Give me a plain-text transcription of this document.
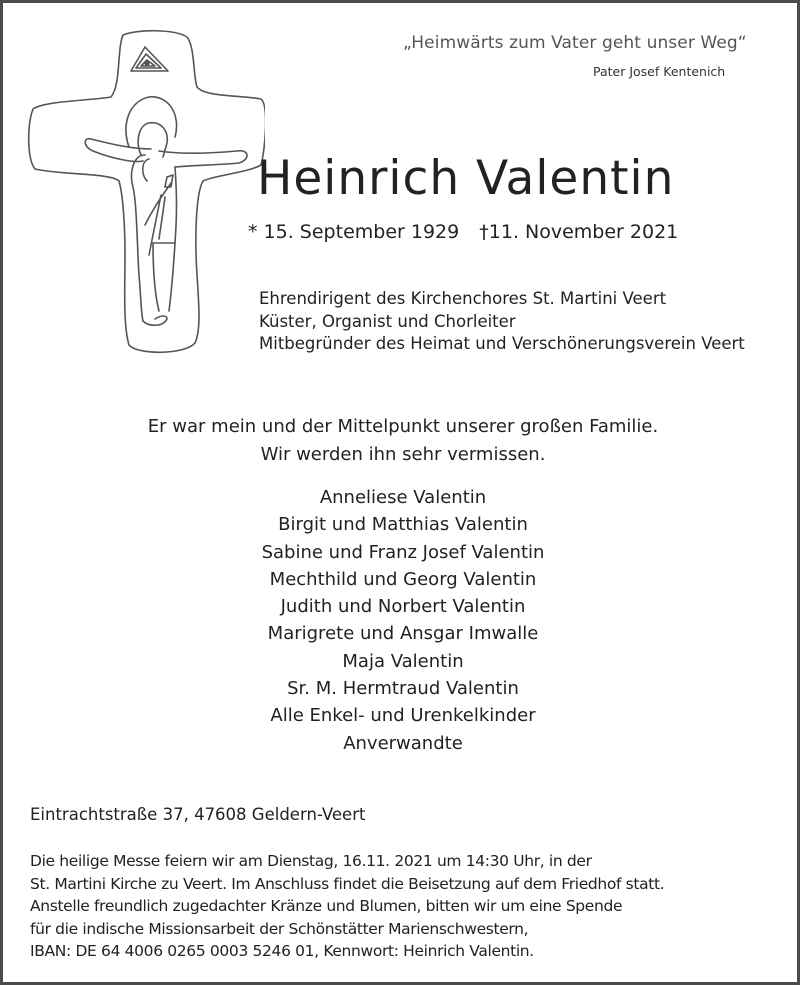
„Heimwärts zum Vater geht unser Weg“
Pater Josef Kentenich
Heinrich Valentin
* 15. September 1929 †11. November 2021
Ehrendirigent des Kirchenchores St. Martini Veert
Küster, Organist und Chorleiter
Mitbegründer des Heimat und Verschönerungsverein Veert
Er war mein und der Mittelpunkt unserer großen Familie.
Wir werden ihn sehr vermissen.
Anneliese Valentin
Birgit und Matthias Valentin
Sabine und Franz Josef Valentin
Mechthild und Georg Valentin
Judith und Norbert Valentin
Marigrete und Ansgar Imwalle
Maja Valentin
Sr. M. Hermtraud Valentin
Alle Enkel- und Urenkelkinder
Anverwandte
Eintrachtstraße 37, 47608 Geldern-Veert
Die heilige Messe feiern wir am Dienstag, 16.11. 2021 um 14:30 Uhr, in der
St. Martini Kirche zu Veert. Im Anschluss findet die Beisetzung auf dem Friedhof statt.
Anstelle freundlich zugedachter Kränze und Blumen, bitten wir um eine Spende
für die indische Missionsarbeit der Schönstätter Marienschwestern,
IBAN: DE 64 4006 0265 0003 5246 01, Kennwort: Heinrich Valentin.
